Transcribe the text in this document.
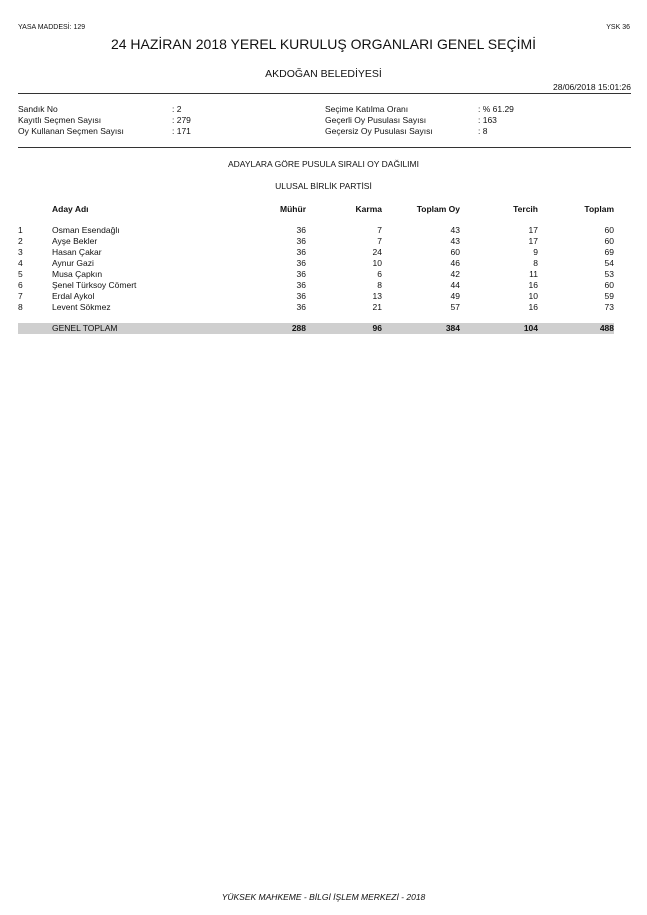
YASA MADDESİ: 129	YSK 36
24 HAZİRAN 2018 YEREL KURULUŞ ORGANLARI GENEL SEÇİMİ
AKDOĞAN BELEDİYESİ
28/06/2018 15:01:26
Sandık No	: 2
Kayıtlı Seçmen Sayısı	: 279
Oy Kullanan Seçmen Sayısı	: 171
Seçime Katılma Oranı	: % 61.29
Geçerli Oy Pusulası Sayısı	: 163
Geçersiz Oy Pusulası Sayısı	: 8
ADAYLARA GÖRE PUSULA SIRALI OY DAĞILIMI
ULUSAL BİRLİK PARTİSİ
Aday Adı	Mühür	Karma	Toplam Oy	Tercih	Toplam
1	Osman Esendağlı	36	7	43	17	60
2	Ayşe Bekler	36	7	43	17	60
3	Hasan Çakar	36	24	60	9	69
4	Aynur Gazi	36	10	46	8	54
5	Musa Çapkın	36	6	42	11	53
6	Şenel Türksoy Cömert	36	8	44	16	60
7	Erdal Aykol	36	13	49	10	59
8	Levent Sökmez	36	21	57	16	73
GENEL TOPLAM	288	96	384	104	488
YÜKSEK MAHKEME - BİLGİ İŞLEM MERKEZİ - 2018
